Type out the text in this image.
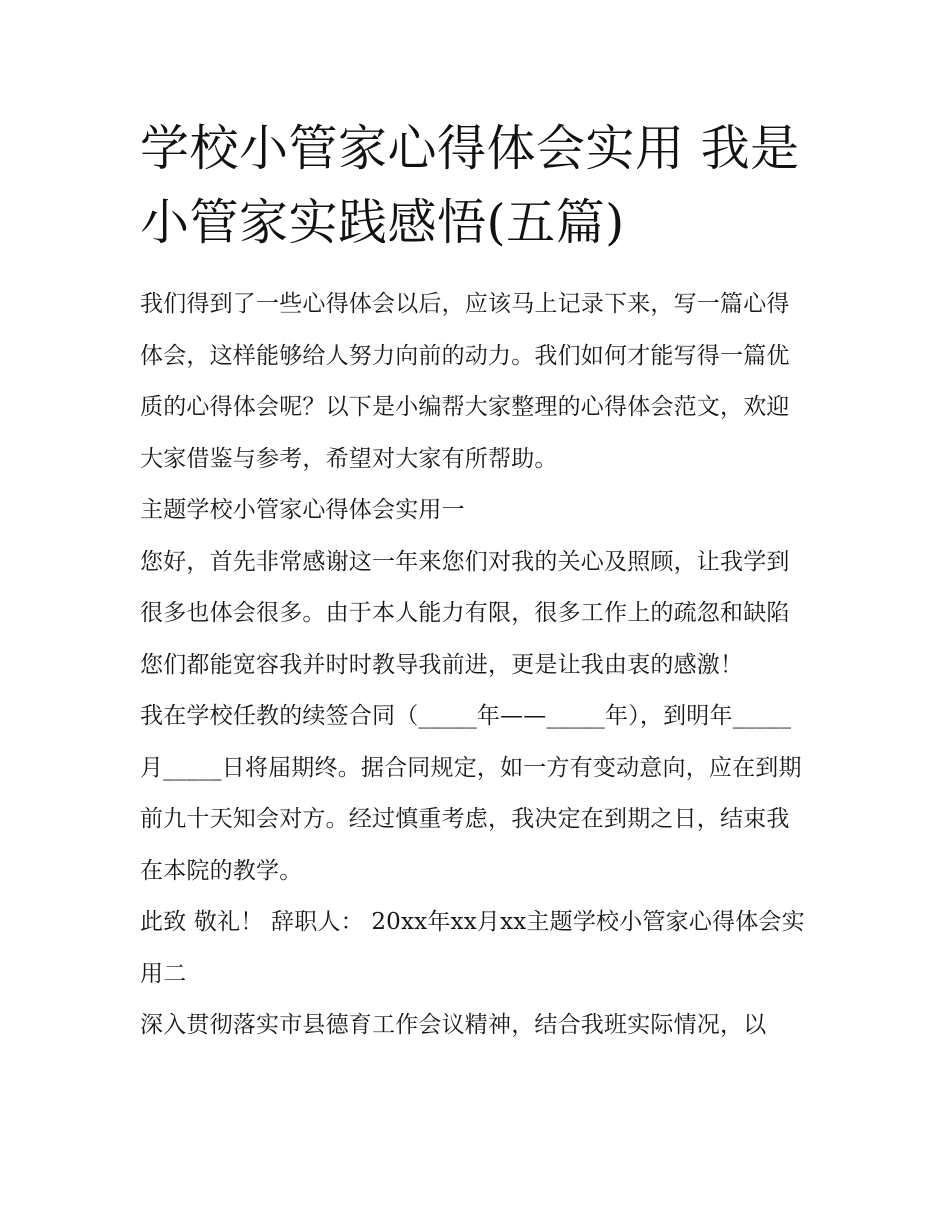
学校小管家心得体会实用 我是小管家实践感悟(五篇)

我们得到了一些心得体会以后，应该马上记录下来，写一篇心得体会，这样能够给人努力向前的动力。我们如何才能写得一篇优质的心得体会呢？以下是小编帮大家整理的心得体会范文，欢迎大家借鉴与参考，希望对大家有所帮助。

主题学校小管家心得体会实用一

您好，首先非常感谢这一年来您们对我的关心及照顾，让我学到很多也体会很多。由于本人能力有限，很多工作上的疏忽和缺陷您们都能宽容我并时时教导我前进，更是让我由衷的感激！

我在学校任教的续签合同（_____年——_____年），到明年_____月_____日将届期终。据合同规定，如一方有变动意向，应在到期前九十天知会对方。经过慎重考虑，我决定在到期之日，结束我在本院的教学。

此致 敬礼！ 辞职人： 20xx年xx月xx主题学校小管家心得体会实用二

深入贯彻落实市县德育工作会议精神，结合我班实际情况，以
